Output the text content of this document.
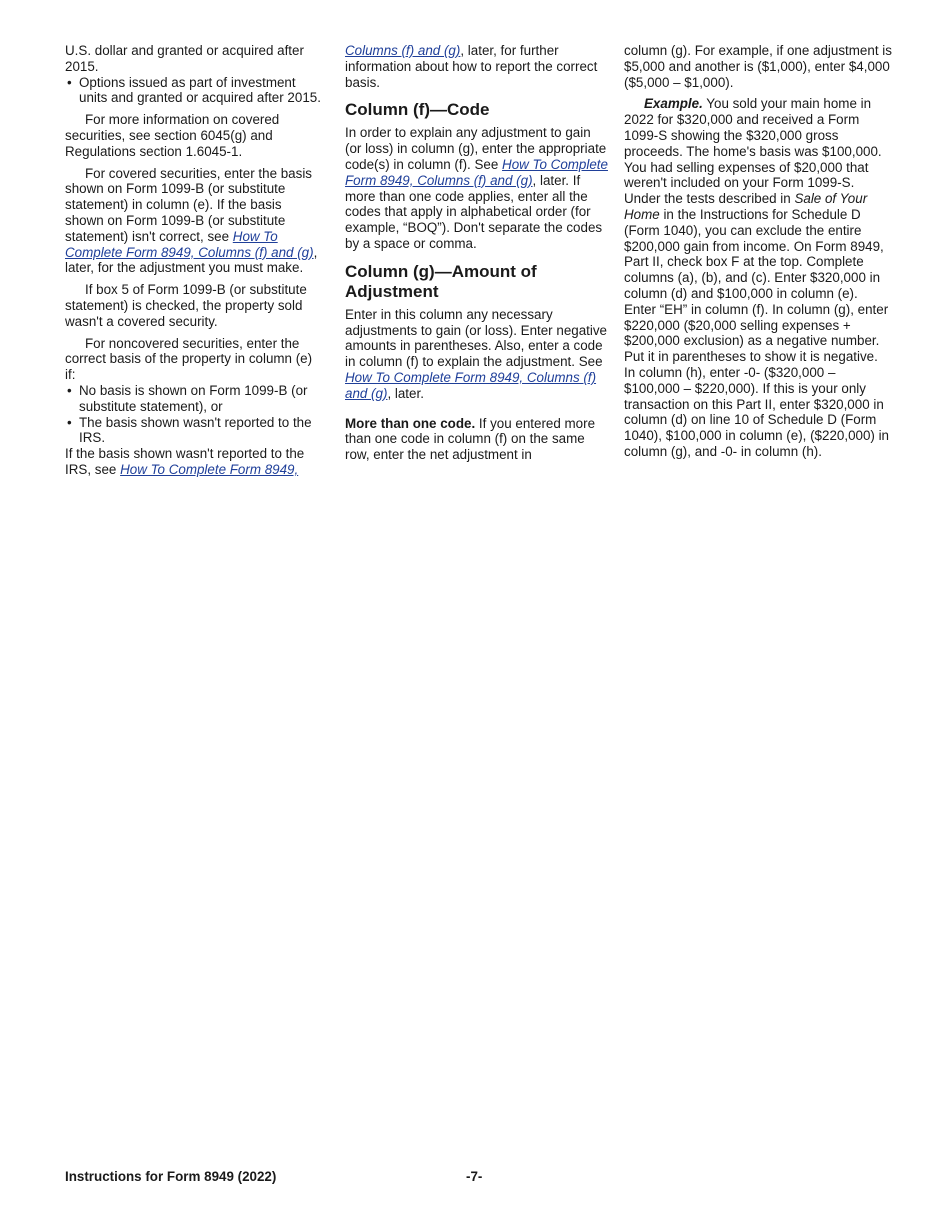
U.S. dollar and granted or acquired after 2015.

• Options issued as part of investment units and granted or acquired after 2015.

For more information on covered securities, see section 6045(g) and Regulations section 1.6045-1.

For covered securities, enter the basis shown on Form 1099-B (or substitute statement) in column (e). If the basis shown on Form 1099-B (or substitute statement) isn't correct, see How To Complete Form 8949, Columns (f) and (g), later, for the adjustment you must make.

If box 5 of Form 1099-B (or substitute statement) is checked, the property sold wasn't a covered security.

For noncovered securities, enter the correct basis of the property in column (e) if:

• No basis is shown on Form 1099-B (or substitute statement), or

• The basis shown wasn't reported to the IRS.

If the basis shown wasn't reported to the IRS, see How To Complete Form 8949,

Columns (f) and (g), later, for further information about how to report the correct basis.

Column (f)—Code

In order to explain any adjustment to gain (or loss) in column (g), enter the appropriate code(s) in column (f). See How To Complete Form 8949, Columns (f) and (g), later. If more than one code applies, enter all the codes that apply in alphabetical order (for example, “BOQ”). Don't separate the codes by a space or comma.

Column (g)—Amount of Adjustment

Enter in this column any necessary adjustments to gain (or loss). Enter negative amounts in parentheses. Also, enter a code in column (f) to explain the adjustment. See How To Complete Form 8949, Columns (f) and (g), later.

More than one code. If you entered more than one code in column (f) on the same row, enter the net adjustment in

column (g). For example, if one adjustment is $5,000 and another is ($1,000), enter $4,000 ($5,000 – $1,000).

Example. You sold your main home in 2022 for $320,000 and received a Form 1099-S showing the $320,000 gross proceeds. The home's basis was $100,000. You had selling expenses of $20,000 that weren't included on your Form 1099-S. Under the tests described in Sale of Your Home in the Instructions for Schedule D (Form 1040), you can exclude the entire $200,000 gain from income. On Form 8949, Part II, check box F at the top. Complete columns (a), (b), and (c). Enter $320,000 in column (d) and $100,000 in column (e). Enter “EH” in column (f). In column (g), enter $220,000 ($20,000 selling expenses + $200,000 exclusion) as a negative number. Put it in parentheses to show it is negative. In column (h), enter -0- ($320,000 – $100,000 – $220,000). If this is your only transaction on this Part II, enter $320,000 in column (d) on line 10 of Schedule D (Form 1040), $100,000 in column (e), ($220,000) in column (g), and -0- in column (h).

Instructions for Form 8949 (2022)	-7-
